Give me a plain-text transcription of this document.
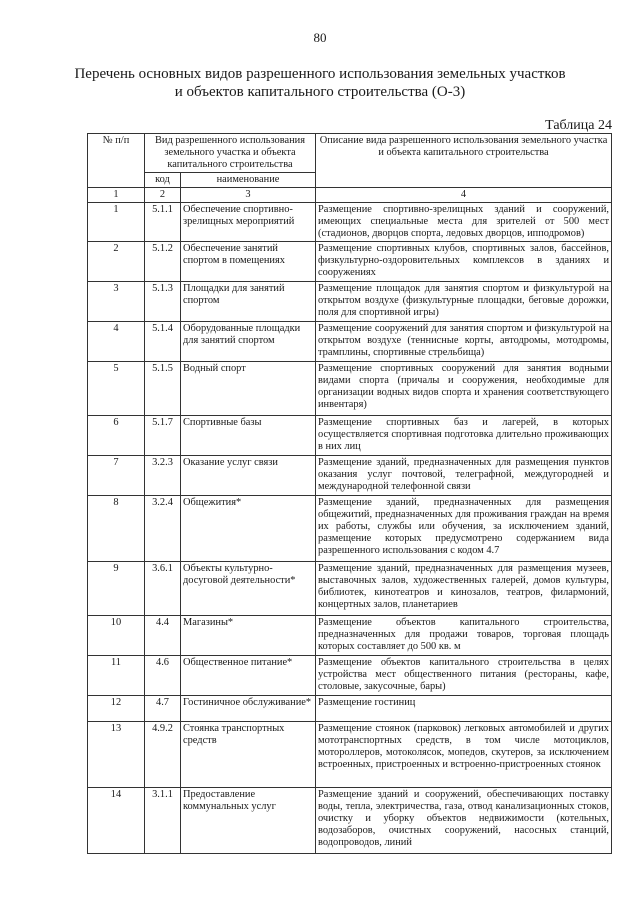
80
Перечень основных видов разрешенного использования земельных участков
и объектов капитального строительства (О-3)
Таблица 24
№ п/п	Вид разрешенного использования земельного участка и объекта капитального строительства		Описание вида разрешенного использования земельного участка и объекта капитального строительства
	код	наименование	
1	2	3	4
1	5.1.1	Обеспечение спортивно-зрелищных мероприятий	Размещение спортивно-зрелищных зданий и сооружений, имеющих специальные места для зрителей от 500 мест (стадионов, дворцов спорта, ледовых дворцов, ипподромов)
2	5.1.2	Обеспечение занятий спортом в помещениях	Размещение спортивных клубов, спортивных залов, бассейнов, физкультурно-оздоровительных комплексов в зданиях и сооружениях
3	5.1.3	Площадки для занятий спортом	Размещение площадок для занятия спортом и физкультурой на открытом воздухе (физкультурные площадки, беговые дорожки, поля для спортивной игры)
4	5.1.4	Оборудованные площадки для занятий спортом	Размещение сооружений для занятия спортом и физкультурой на открытом воздухе (теннисные корты, автодромы, мотодромы, трамплины, спортивные стрельбища)
5	5.1.5	Водный спорт	Размещение спортивных сооружений для занятия водными видами спорта (причалы и сооружения, необходимые для организации водных видов спорта и хранения соответствующего инвентаря)
6	5.1.7	Спортивные базы	Размещение спортивных баз и лагерей, в которых осуществляется спортивная подготовка длительно проживающих в них лиц
7	3.2.3	Оказание услуг связи	Размещение зданий, предназначенных для размещения пунктов оказания услуг почтовой, телеграфной, междугородней и международной телефонной связи
8	3.2.4	Общежития*	Размещение зданий, предназначенных для размещения общежитий, предназначенных для проживания граждан на время их работы, службы или обучения, за исключением зданий, размещение которых предусмотрено содержанием вида разрешенного использования с кодом 4.7
9	3.6.1	Объекты культурно-досуговой деятельности*	Размещение зданий, предназначенных для размещения музеев, выставочных залов, художественных галерей, домов культуры, библиотек, кинотеатров и кинозалов, театров, филармоний, концертных залов, планетариев
10	4.4	Магазины*	Размещение объектов капитального строительства, предназначенных для продажи товаров, торговая площадь которых составляет до 500 кв. м
11	4.6	Общественное питание*	Размещение объектов капитального строительства в целях устройства мест общественного питания (рестораны, кафе, столовые, закусочные, бары)
12	4.7	Гостиничное обслуживание*	Размещение гостиниц
13	4.9.2	Стоянка транспортных средств	Размещение стоянок (парковок) легковых автомобилей и других мототранспортных средств, в том числе мотоциклов, мотороллеров, мотоколясок, мопедов, скутеров, за исключением встроенных, пристроенных и встроенно-пристроенных стоянок
14	3.1.1	Предоставление коммунальных услуг	Размещение зданий и сооружений, обеспечивающих поставку воды, тепла, электричества, газа, отвод канализационных стоков, очистку и уборку объектов недвижимости (котельных, водозаборов, очистных сооружений, насосных станций, водопроводов, линий
